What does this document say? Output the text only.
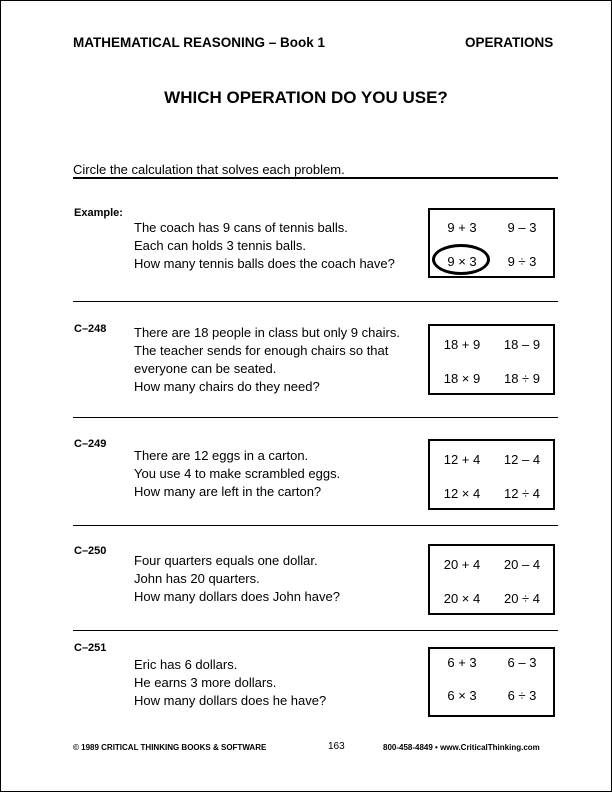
MATHEMATICAL REASONING – Book 1	OPERATIONS
WHICH OPERATION DO YOU USE?
Circle the calculation that solves each problem.
Example:
The coach has 9 cans of tennis balls.
Each can holds 3 tennis balls.
How many tennis balls does the coach have?
9 + 3	9 – 3
9 × 3	9 ÷ 3
C–248 There are 18 people in class but only 9 chairs.
The teacher sends for enough chairs so that
everyone can be seated.
How many chairs do they need?
18 + 9	18 – 9
18 × 9	18 ÷ 9
C–249
There are 12 eggs in a carton.
You use 4 to make scrambled eggs.
How many are left in the carton?
12 + 4	12 – 4
12 × 4	12 ÷ 4
C–250
Four quarters equals one dollar.
John has 20 quarters.
How many dollars does John have?
20 + 4	20 – 4
20 × 4	20 ÷ 4
C–251
Eric has 6 dollars.
He earns 3 more dollars.
How many dollars does he have?
6 + 3	6 – 3
6 × 3	6 ÷ 3
© 1989 CRITICAL THINKING BOOKS & SOFTWARE	163	800-458-4849 • www.CriticalThinking.com
